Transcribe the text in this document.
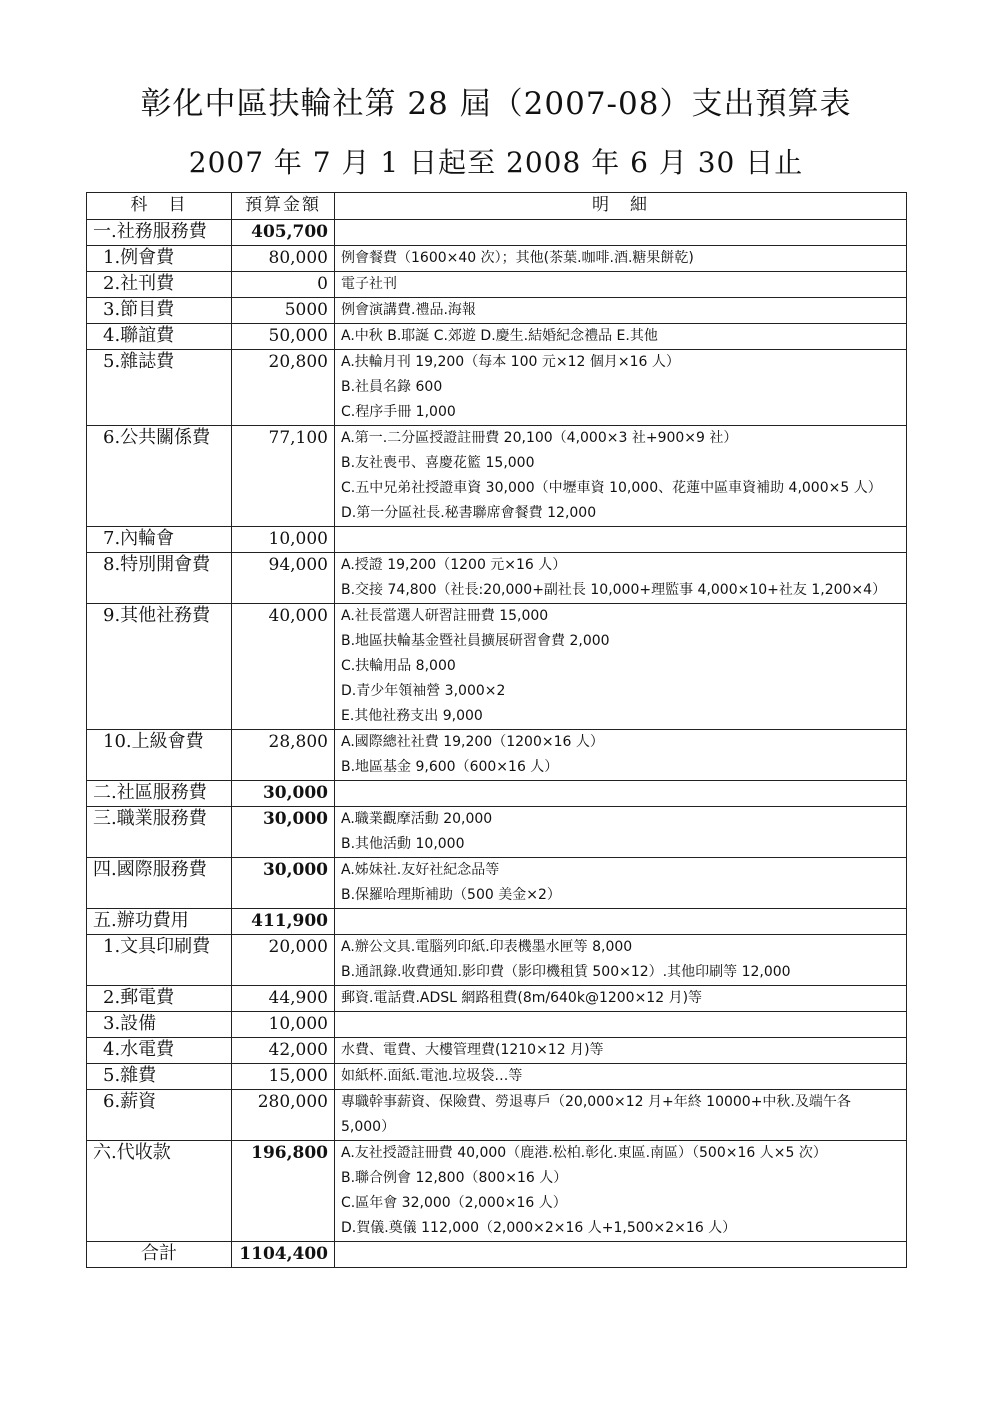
彰化中區扶輪社第 28 屆（2007-08）支出預算表
2007 年 7 月 1 日起至 2008 年 6 月 30 日止
科　目	預算金額	明　細
一.社務服務費	405,700	
1.例會費	80,000	例會餐費（1600×40 次）；其他(茶葉.咖啡.酒.糖果餅乾)

2.社刊費	0	電子社刊

3.節目費	5000	例會演講費.禮品.海報

4.聯誼費	50,000	A.中秋 B.耶誕 C.郊遊 D.慶生.結婚紀念禮品 E.其他

5.雜誌費	20,800	A.扶輪月刊 19,200（每本 100 元×12 個月×16 人）
B.社員名錄 600
C.程序手冊 1,000

6.公共關係費	77,100	A.第一.二分區授證註冊費 20,100（4,000×3 社+900×9 社）
B.友社喪弔、喜慶花籃 15,000
C.五中兄弟社授證車資 30,000（中壢車資 10,000、花蓮中區車資補助 4,000×5 人）
D.第一分區社長.秘書聯席會餐費 12,000

7.內輪會	10,000	
8.特別開會費	94,000	A.授證 19,200（1200 元×16 人）
B.交接 74,800（社長:20,000+副社長 10,000+理監事 4,000×10+社友 1,200×4）

9.其他社務費	40,000	A.社長當選人研習註冊費 15,000
B.地區扶輪基金暨社員擴展研習會費 2,000
C.扶輪用品 8,000
D.青少年領袖營 3,000×2
E.其他社務支出 9,000

10.上級會費	28,800	A.國際總社社費 19,200（1200×16 人）
B.地區基金 9,600（600×16 人）

二.社區服務費	30,000	
三.職業服務費	30,000	A.職業觀摩活動 20,000
B.其他活動 10,000

四.國際服務費	30,000	A.姊妹社.友好社紀念品等
B.保羅哈理斯補助（500 美金×2）

五.辦功費用	411,900	
1.文具印刷費	20,000	A.辦公文具.電腦列印紙.印表機墨水匣等 8,000
B.通訊錄.收費通知.影印費（影印機租賃 500×12）.其他印刷等 12,000

2.郵電費	44,900	郵資.電話費.ADSL 網路租費(8m/640k@1200×12 月)等

3.設備	10,000	
4.水電費	42,000	水費、電費、大樓管理費(1210×12 月)等

5.雜費	15,000	如紙杯.面紙.電池.垃圾袋…等

6.薪資	280,000	專職幹事薪資、保險費、勞退專戶（20,000×12 月+年終 10000+中秋.及端午各
5,000）

六.代收款	196,800	A.友社授證註冊費 40,000（鹿港.松柏.彰化.東區.南區）（500×16 人×5 次）
B.聯合例會 12,800（800×16 人）
C.區年會 32,000（2,000×16 人）
D.賀儀.奠儀 112,000（2,000×2×16 人+1,500×2×16 人）

合計	1104,400	
